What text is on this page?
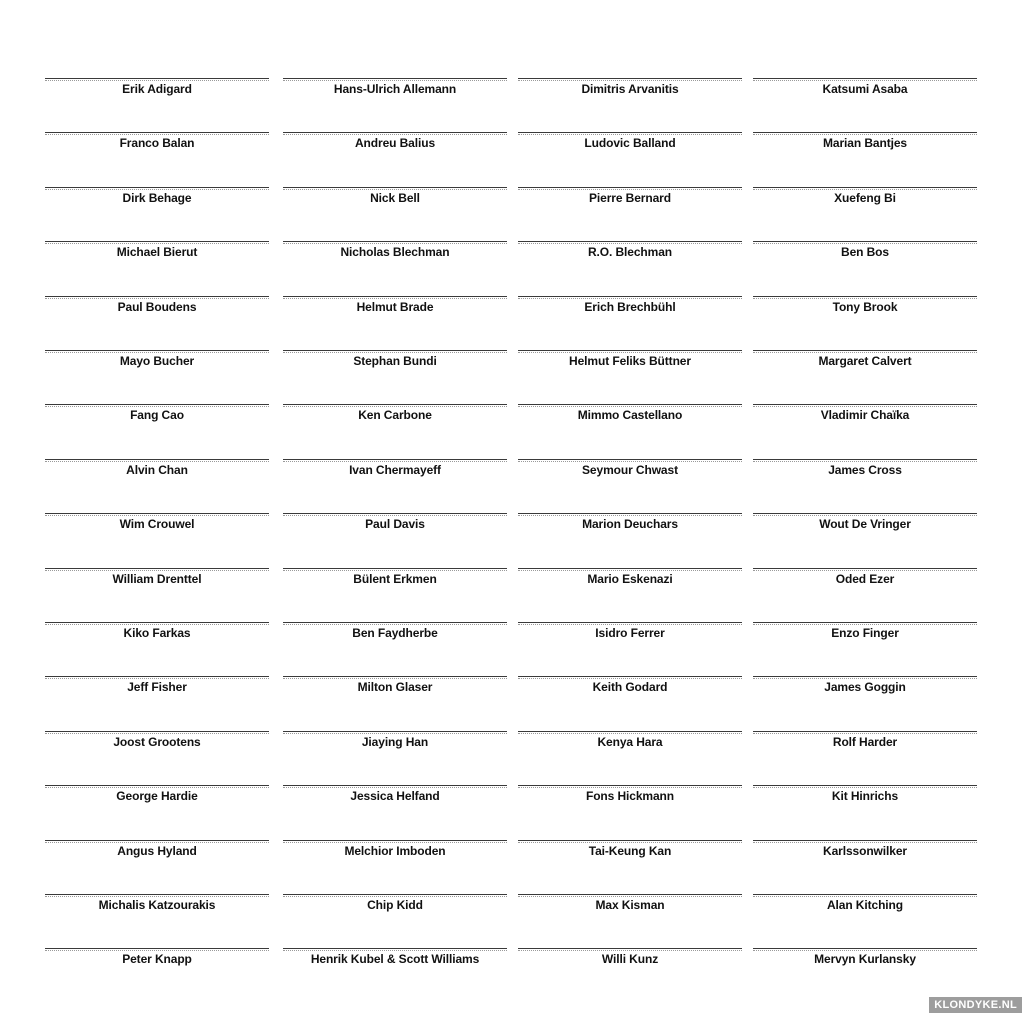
Erik Adigard	Hans-Ulrich Allemann	Dimitris Arvanitis	Katsumi Asaba
Franco Balan	Andreu Balius	Ludovic Balland	Marian Bantjes
Dirk Behage	Nick Bell	Pierre Bernard	Xuefeng Bi
Michael Bierut	Nicholas Blechman	R.O. Blechman	Ben Bos
Paul Boudens	Helmut Brade	Erich Brechbühl	Tony Brook
Mayo Bucher	Stephan Bundi	Helmut Feliks Büttner	Margaret Calvert
Fang Cao	Ken Carbone	Mimmo Castellano	Vladimir Chaïka
Alvin Chan	Ivan Chermayeff	Seymour Chwast	James Cross
Wim Crouwel	Paul Davis	Marion Deuchars	Wout De Vringer
William Drenttel	Bülent Erkmen	Mario Eskenazi	Oded Ezer
Kiko Farkas	Ben Faydherbe	Isidro Ferrer	Enzo Finger
Jeff Fisher	Milton Glaser	Keith Godard	James Goggin
Joost Grootens	Jiaying Han	Kenya Hara	Rolf Harder
George Hardie	Jessica Helfand	Fons Hickmann	Kit Hinrichs
Angus Hyland	Melchior Imboden	Tai-Keung Kan	Karlssonwilker
Michalis Katzourakis	Chip Kidd	Max Kisman	Alan Kitching
Peter Knapp	Henrik Kubel & Scott Williams	Willi Kunz	Mervyn Kurlansky
KLONDYKE.NL
